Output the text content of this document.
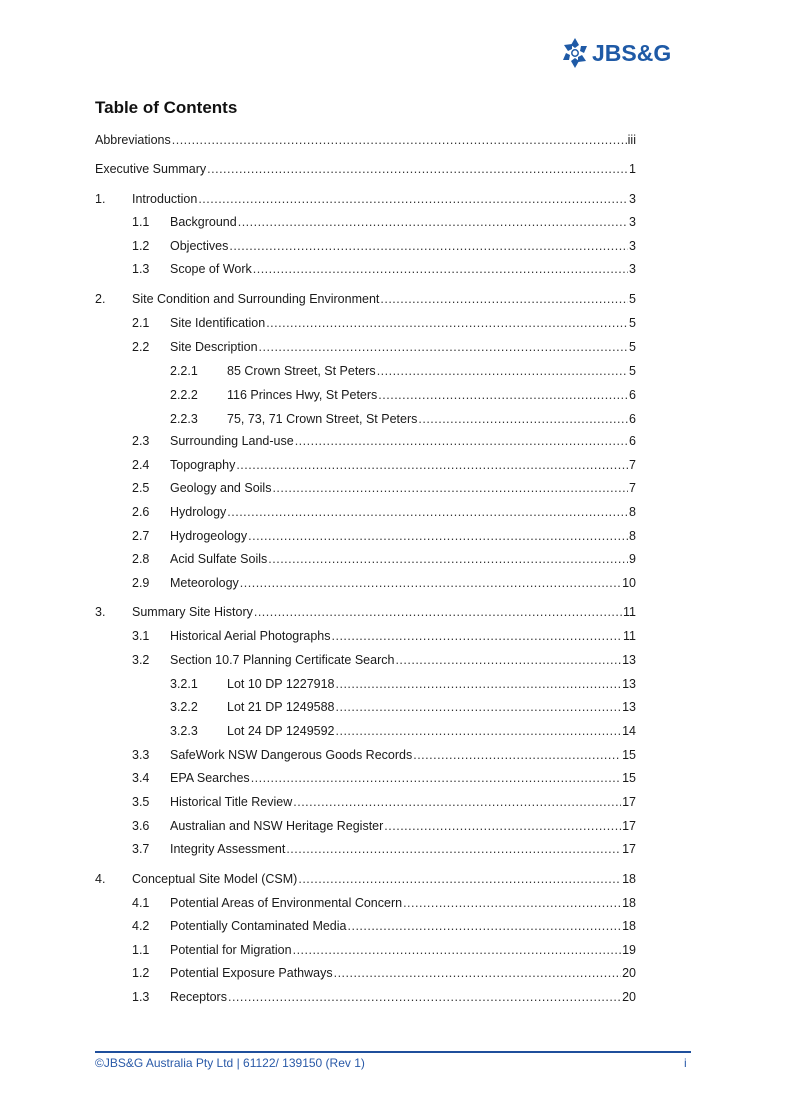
JBS&G
Table of Contents
Abbreviations .....	iii
Executive Summary .....	1
1. Introduction .....	3
1.1 Background .....	3
1.2 Objectives .....	3
1.3 Scope of Work .....	3
2. Site Condition and Surrounding Environment .....	5
2.1 Site Identification .....	5
2.2 Site Description .....	5
2.2.1 85 Crown Street, St Peters .....	5
2.2.2 116 Princes Hwy, St Peters .....	6
2.2.3 75, 73, 71 Crown Street, St Peters .....	6
2.3 Surrounding Land-use .....	6
2.4 Topography .....	7
2.5 Geology and Soils .....	7
2.6 Hydrology .....	8
2.7 Hydrogeology .....	8
2.8 Acid Sulfate Soils .....	9
2.9 Meteorology .....	10
3. Summary Site History .....	11
3.1 Historical Aerial Photographs .....	11
3.2 Section 10.7 Planning Certificate Search .....	13
3.2.1 Lot 10 DP 1227918 .....	13
3.2.2 Lot 21 DP 1249588 .....	13
3.2.3 Lot 24 DP 1249592 .....	14
3.3 SafeWork NSW Dangerous Goods Records .....	15
3.4 EPA Searches .....	15
3.5 Historical Title Review .....	17
3.6 Australian and NSW Heritage Register .....	17
3.7 Integrity Assessment .....	17
4. Conceptual Site Model (CSM) .....	18
4.1 Potential Areas of Environmental Concern .....	18
4.2 Potentially Contaminated Media .....	18
1.1 Potential for Migration .....	19
1.2 Potential Exposure Pathways .....	20
1.3 Receptors .....	20
©JBS&G Australia Pty Ltd | 61122/ 139150 (Rev 1)	i
